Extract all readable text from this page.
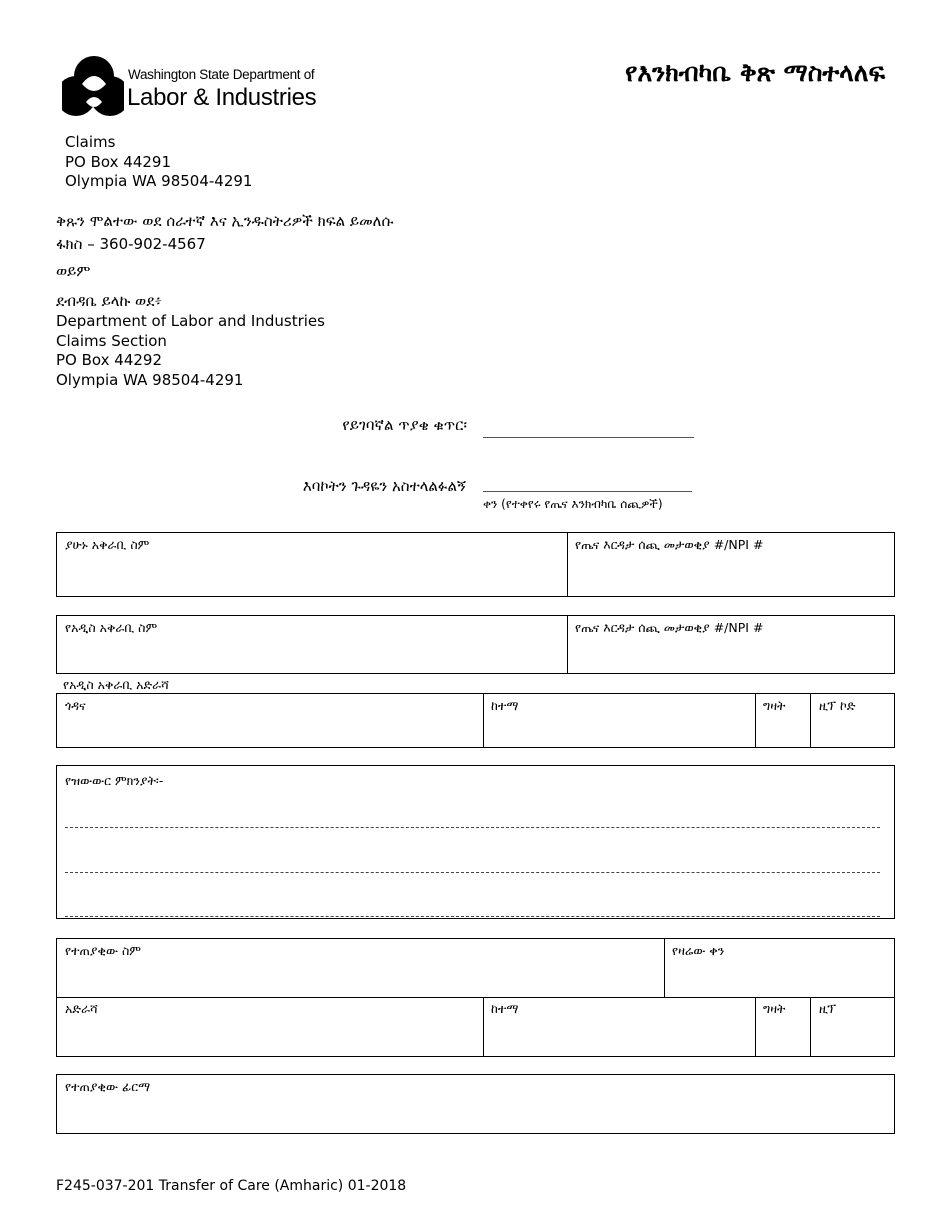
Washington State Department of
Labor & Industries
የእንክብካቤ ቅጽ ማስተላለፍ
Claims
PO Box 44291
Olympia WA 98504-4291
ቅጹን ሞልተው ወደ ሰራተኛ እና ኢንዱስትሪዎች ክፍል ይመለሱ
ፋክስ – 360-902-4567
ወይም
ደብዳቤ ይላኩ ወደ፥
Department of Labor and Industries
Claims Section
PO Box 44292
Olympia WA 98504-4291
የይገባኛል ጥያቄ ቁጥር፡
እባኮትን ጉዳዬን አስተላልፉልኝ
ቀን (የተቀየሩ የጤና እንክብካቤ ሰጪዎች)
ያሁኑ አቅራቢ ስም	የጤና እርዳታ ሰጪ መታወቂያ #/NPI #
የአዲስ አቅራቢ ስም	የጤና እርዳታ ሰጪ መታወቂያ #/NPI #
የአዲስ አቅራቢ አድራሻ
ጎዳና	ከተማ	ግዛት	ዚፕ ኮድ
የዝውውር ምክንያት፡-
የተጠያቂው ስም	የዛሬው ቀን
አድራሻ	ከተማ	ግዛት	ዚፕ
የተጠያቂው ፊርማ
F245-037-201 Transfer of Care (Amharic) 01-2018
